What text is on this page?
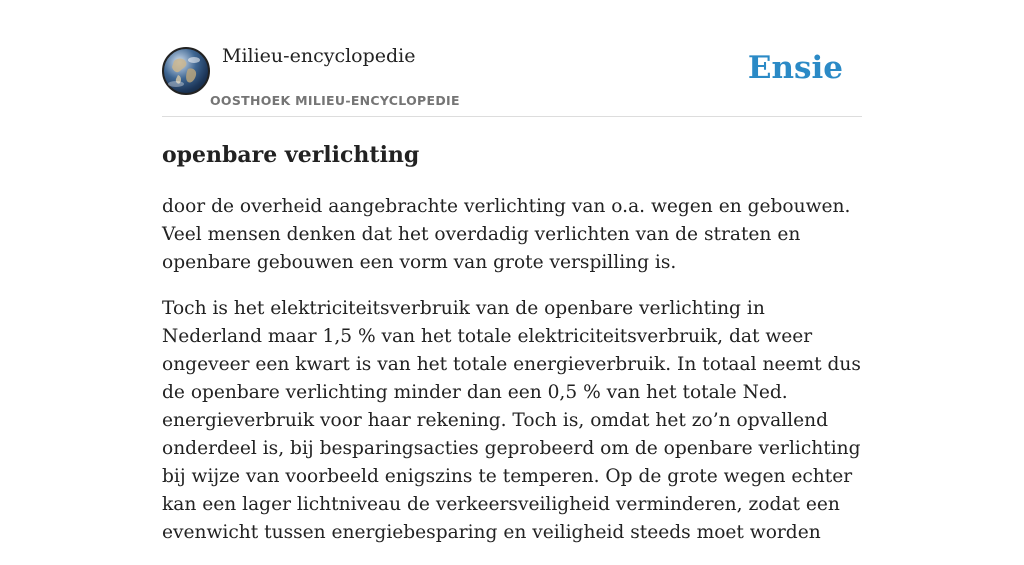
Milieu-encyclopedie
OOSTHOEK MILIEU-ENCYCLOPEDIE
Ensie
openbare verlichting

door de overheid aangebrachte verlichting van o.a. wegen en gebouwen. Veel mensen denken dat het overdadig verlichten van de straten en openbare gebouwen een vorm van grote verspilling is.

Toch is het elektriciteitsverbruik van de openbare verlichting in Nederland maar 1,5 % van het totale elektriciteitsverbruik, dat weer ongeveer een kwart is van het totale energieverbruik. In totaal neemt dus de openbare verlichting minder dan een 0,5 % van het totale Ned. energieverbruik voor haar rekening. Toch is, omdat het zo’n opvallend onderdeel is, bij besparingsacties geprobeerd om de openbare verlichting bij wijze van voorbeeld enigszins te temperen. Op de grote wegen echter kan een lager lichtniveau de verkeersveiligheid verminderen, zodat een evenwicht tussen energiebesparing en veiligheid steeds moet worden
